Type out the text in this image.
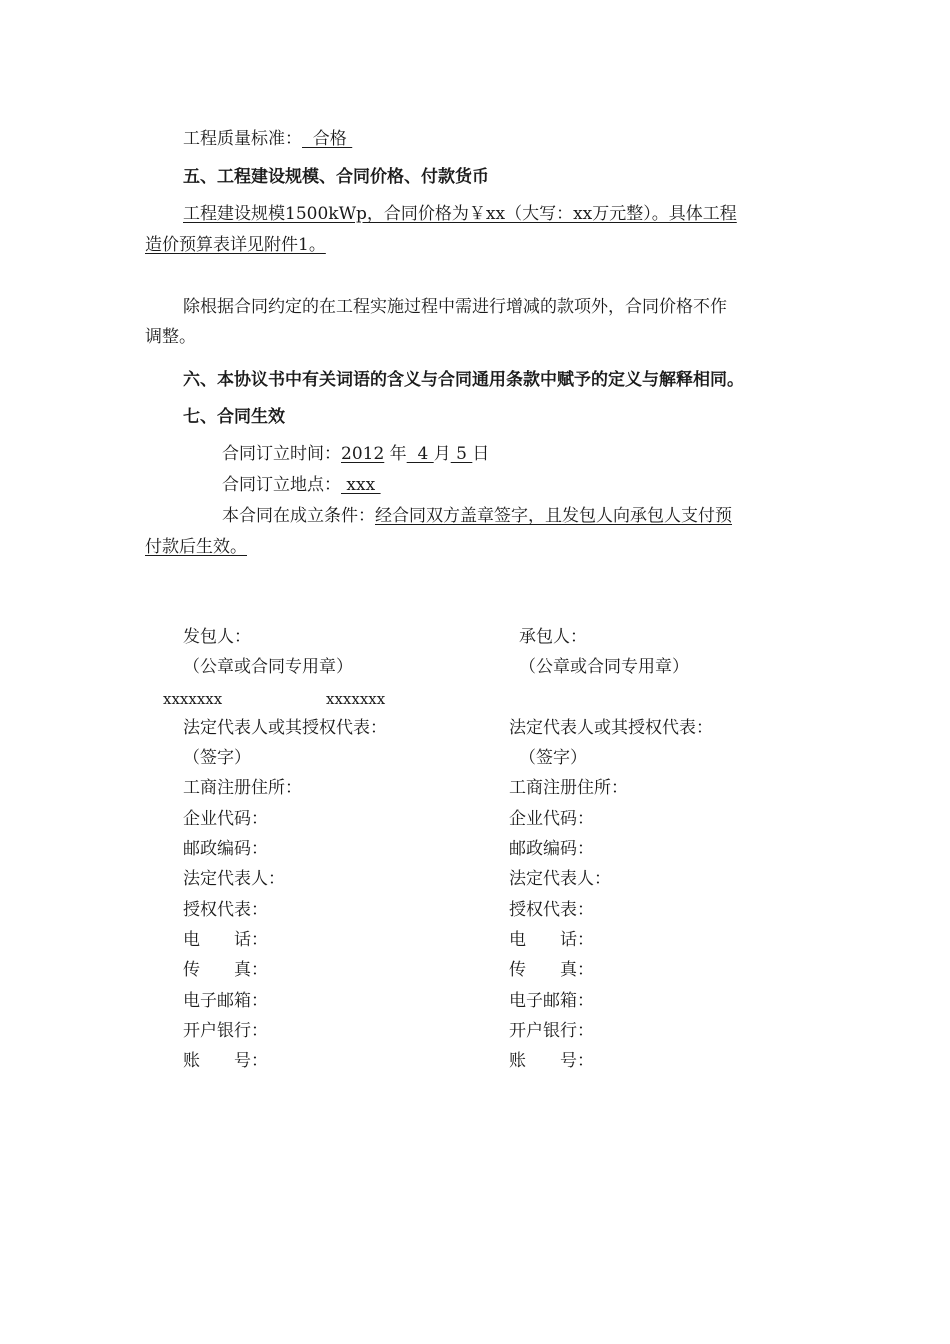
工程质量标准：  合格
五、工程建设规模、合同价格、付款货币
工程建设规模1500kWp，合同价格为￥xx（大写：xx万元整）。具体工程
造价预算表详见附件1。
除根据合同约定的在工程实施过程中需进行增减的款项外，合同价格不作
调整。
六、本协议书中有关词语的含义与合同通用条款中赋予的定义与解释相同。
七、合同生效
合同订立时间：2012 年  4 月 5 日
合同订立地点： xxx
本合同在成立条件：经合同双方盖章签字，且发包人向承包人支付预
付款后生效。
发包人：
（公章或合同专用章）
xxxxxxx
法定代表人或其授权代表：
（签字）
工商注册住所：
企业代码：
邮政编码：
法定代表人：
授权代表：
电　　话：
传　　真：
电子邮箱：
开户银行：
账　　号：
承包人：
（公章或合同专用章）
xxxxxxx
法定代表人或其授权代表：
（签字）
工商注册住所：
企业代码：
邮政编码：
法定代表人：
授权代表：
电　　话：
传　　真：
电子邮箱：
开户银行：
账　　号：
